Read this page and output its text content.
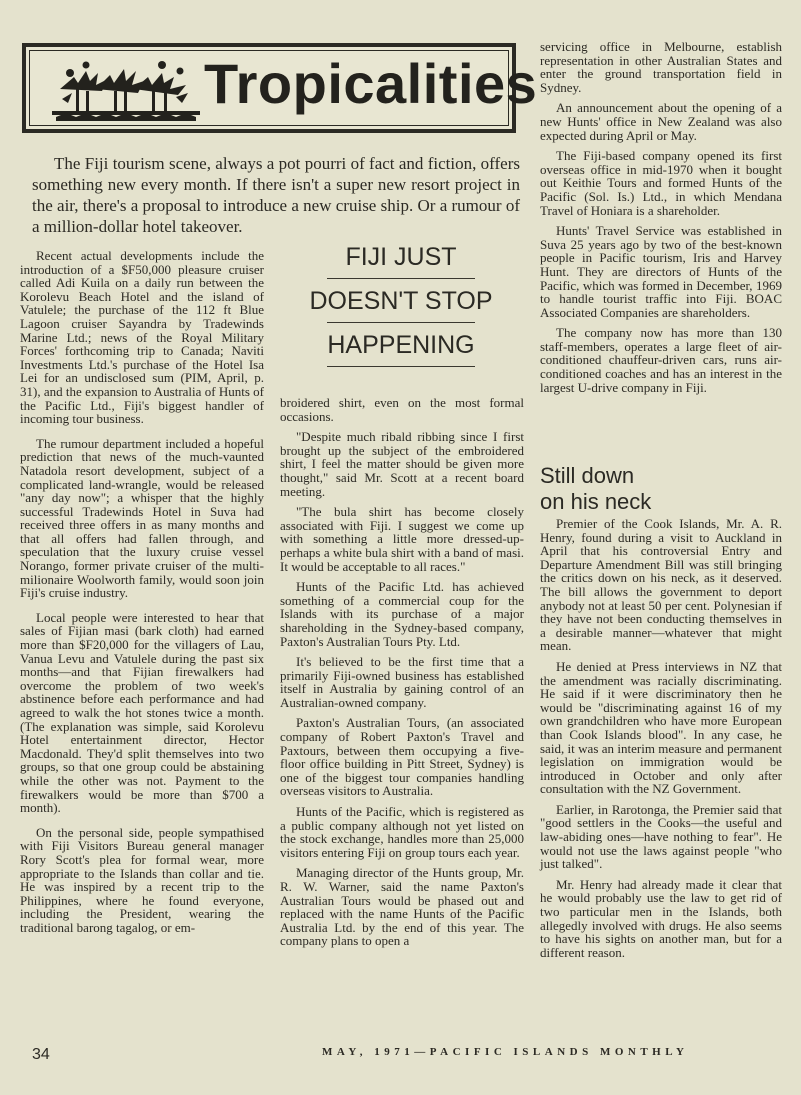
Tropicalities

The Fiji tourism scene, always a pot pourri of fact and fiction, offers something new every month. If there isn't a super new resort project in the air, there's a proposal to introduce a new cruise ship. Or a rumour of a million-dollar hotel takeover.

Recent actual developments include the introduction of a $F50,000 pleasure cruiser called Adi Kuila on a daily run between the Korolevu Beach Hotel and the island of Vatulele; the purchase of the 112 ft Blue Lagoon cruiser Sayandra by Tradewinds Marine Ltd.; news of the Royal Military Forces' forthcoming trip to Canada; Naviti Investments Ltd.'s purchase of the Hotel Isa Lei for an undisclosed sum (PIM, April, p. 31), and the expansion to Australia of Hunts of the Pacific Ltd., Fiji's biggest handler of incoming tour business.

The rumour department included a hopeful prediction that news of the much-vaunted Natadola resort development, subject of a complicated land-wrangle, would be released "any day now"; a whisper that the highly successful Tradewinds Hotel in Suva had received three offers in as many months and that all offers had fallen through, and speculation that the luxury cruise vessel Norango, former private cruiser of the multi-milionaire Woolworth family, would soon join Fiji's cruise industry.

Local people were interested to hear that sales of Fijian masi (bark cloth) had earned more than $F20,000 for the villagers of Lau, Vanua Levu and Vatulele during the past six months—and that Fijian firewalkers had overcome the problem of two week's abstinence before each performance and had agreed to walk the hot stones twice a month. (The explanation was simple, said Korolevu Hotel entertainment director, Hector Macdonald. They'd split themselves into two groups, so that one group could be abstaining while the other was not. Payment to the firewalkers would be more than $700 a month).

On the personal side, people sympathised with Fiji Visitors Bureau general manager Rory Scott's plea for formal wear, more appropriate to the Islands than collar and tie. He was inspired by a recent trip to the Philippines, where he found everyone, including the President, wearing the traditional barong tagalog, or em-

FIJI JUST
DOESN'T STOP
HAPPENING

broidered shirt, even on the most formal occasions.

"Despite much ribald ribbing since I first brought up the subject of the embroidered shirt, I feel the matter should be given more thought," said Mr. Scott at a recent board meeting.

"The bula shirt has become closely associated with Fiji. I suggest we come up with something a little more dressed-up-perhaps a white bula shirt with a band of masi. It would be acceptable to all races."

Hunts of the Pacific Ltd. has achieved something of a commercial coup for the Islands with its purchase of a major shareholding in the Sydney-based company, Paxton's Australian Tours Pty. Ltd.

It's believed to be the first time that a primarily Fiji-owned business has established itself in Australia by gaining control of an Australian-owned company.

Paxton's Australian Tours, (an associated company of Robert Paxton's Travel and Paxtours, between them occupying a five-floor office building in Pitt Street, Sydney) is one of the biggest tour companies handling overseas visitors to Australia.

Hunts of the Pacific, which is registered as a public company although not yet listed on the stock exchange, handles more than 25,000 visitors entering Fiji on group tours each year.

Managing director of the Hunts group, Mr. R. W. Warner, said the name Paxton's Australian Tours would be phased out and replaced with the name Hunts of the Pacific Australia Ltd. by the end of this year. The company plans to open a

servicing office in Melbourne, establish representation in other Australian States and enter the ground transportation field in Sydney.

An announcement about the opening of a new Hunts' office in New Zealand was also expected during April or May.

The Fiji-based company opened its first overseas office in mid-1970 when it bought out Keithie Tours and formed Hunts of the Pacific (Sol. Is.) Ltd., in which Mendana Travel of Honiara is a shareholder.

Hunts' Travel Service was established in Suva 25 years ago by two of the best-known people in Pacific tourism, Iris and Harvey Hunt. They are directors of Hunts of the Pacific, which was formed in December, 1969 to handle tourist traffic into Fiji. BOAC Associated Companies are shareholders.

The company now has more than 130 staff-members, operates a large fleet of air-conditioned chauffeur-driven cars, runs air-conditioned coaches and has an interest in the largest U-drive company in Fiji.

Still down
on his neck

Premier of the Cook Islands, Mr. A. R. Henry, found during a visit to Auckland in April that his controversial Entry and Departure Amendment Bill was still bringing the critics down on his neck, as it deserved. The bill allows the government to deport anybody not at least 50 per cent. Polynesian if they have not been conducting themselves in a desirable manner—whatever that might mean.

He denied at Press interviews in NZ that the amendment was racially discriminating. He said if it were discriminatory then he would be "discriminating against 16 of my own grandchildren who have more European than Cook Islands blood". In any case, he said, it was an interim measure and permanent legislation on immigration would be introduced in October and only after consultation with the NZ Government.

Earlier, in Rarotonga, the Premier said that "good settlers in the Cooks—the useful and law-abiding ones—have nothing to fear". He would not use the laws against people "who just talked".

Mr. Henry had already made it clear that he would probably use the law to get rid of two particular men in the Islands, both allegedly involved with drugs. He also seems to have his sights on another man, but for a different reason.

34	MAY, 1971—PACIFIC ISLANDS MONTHLY
